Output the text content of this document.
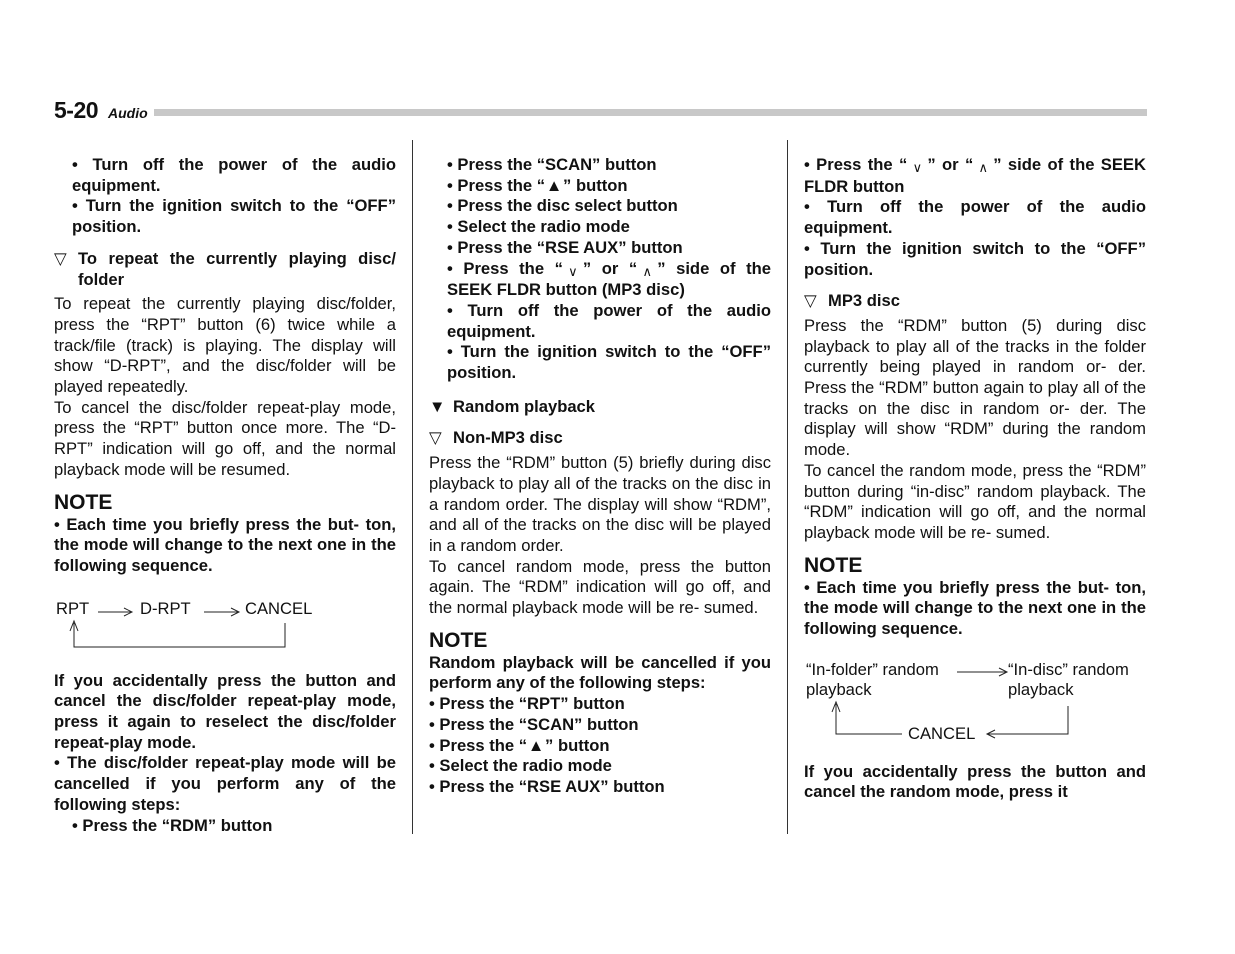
5-20 Audio

• Turn off the power of the audio equipment.

• Turn the ignition switch to the “OFF” position.

▽ To repeat the currently playing disc/ folder

To repeat the currently playing disc/folder, press the “RPT” button (6) twice while a track/file (track) is playing. The display will show “D-RPT”, and the disc/folder will be played repeatedly.

To cancel the disc/folder repeat-play mode, press the “RPT” button once more. The “D-RPT” indication will go off, and the normal playback mode will be resumed.

NOTE

• Each time you briefly press the but- ton, the mode will change to the next one in the following sequence.

RPT	D-RPT	CANCEL

If you accidentally press the button and cancel the disc/folder repeat-play mode, press it again to reselect the disc/folder repeat-play mode.

• The disc/folder repeat-play mode will be cancelled if you perform any of the following steps:

• Press the “RDM” button

• Press the “SCAN” button

• Press the “▲” button

• Press the disc select button

• Select the radio mode

• Press the “RSE AUX” button

• Press the “ ∨ ” or “ ∧ ” side of the SEEK FLDR button (MP3 disc)

• Turn off the power of the audio equipment.

• Turn the ignition switch to the “OFF” position.

▼ Random playback

▽ Non-MP3 disc

Press the “RDM” button (5) briefly during disc playback to play all of the tracks on the disc in a random order. The display will show “RDM”, and all of the tracks on the disc will be played in a random order.

To cancel random mode, press the button again. The “RDM” indication will go off, and the normal playback mode will be re- sumed.

NOTE

Random playback will be cancelled if you perform any of the following steps:

• Press the “RPT” button

• Press the “SCAN” button

• Press the “▲” button

• Select the radio mode

• Press the “RSE AUX” button

• Press the “ ∨ ” or “ ∧ ” side of the SEEK FLDR button

• Turn off the power of the audio equipment.

• Turn the ignition switch to the “OFF” position.

▽ MP3 disc

Press the “RDM” button (5) during disc playback to play all of the tracks in the folder currently being played in random or- der. Press the “RDM” button again to play all of the tracks on the disc in random or- der. The display will show “RDM” during the random mode.

To cancel the random mode, press the “RDM” button during “in-disc” random playback. The “RDM” indication will go off, and the normal playback mode will be re- sumed.

NOTE

• Each time you briefly press the but- ton, the mode will change to the next one in the following sequence.

“In-folder” random
playback
“In-disc” random
playback
CANCEL

If you accidentally press the button and cancel the random mode, press it
